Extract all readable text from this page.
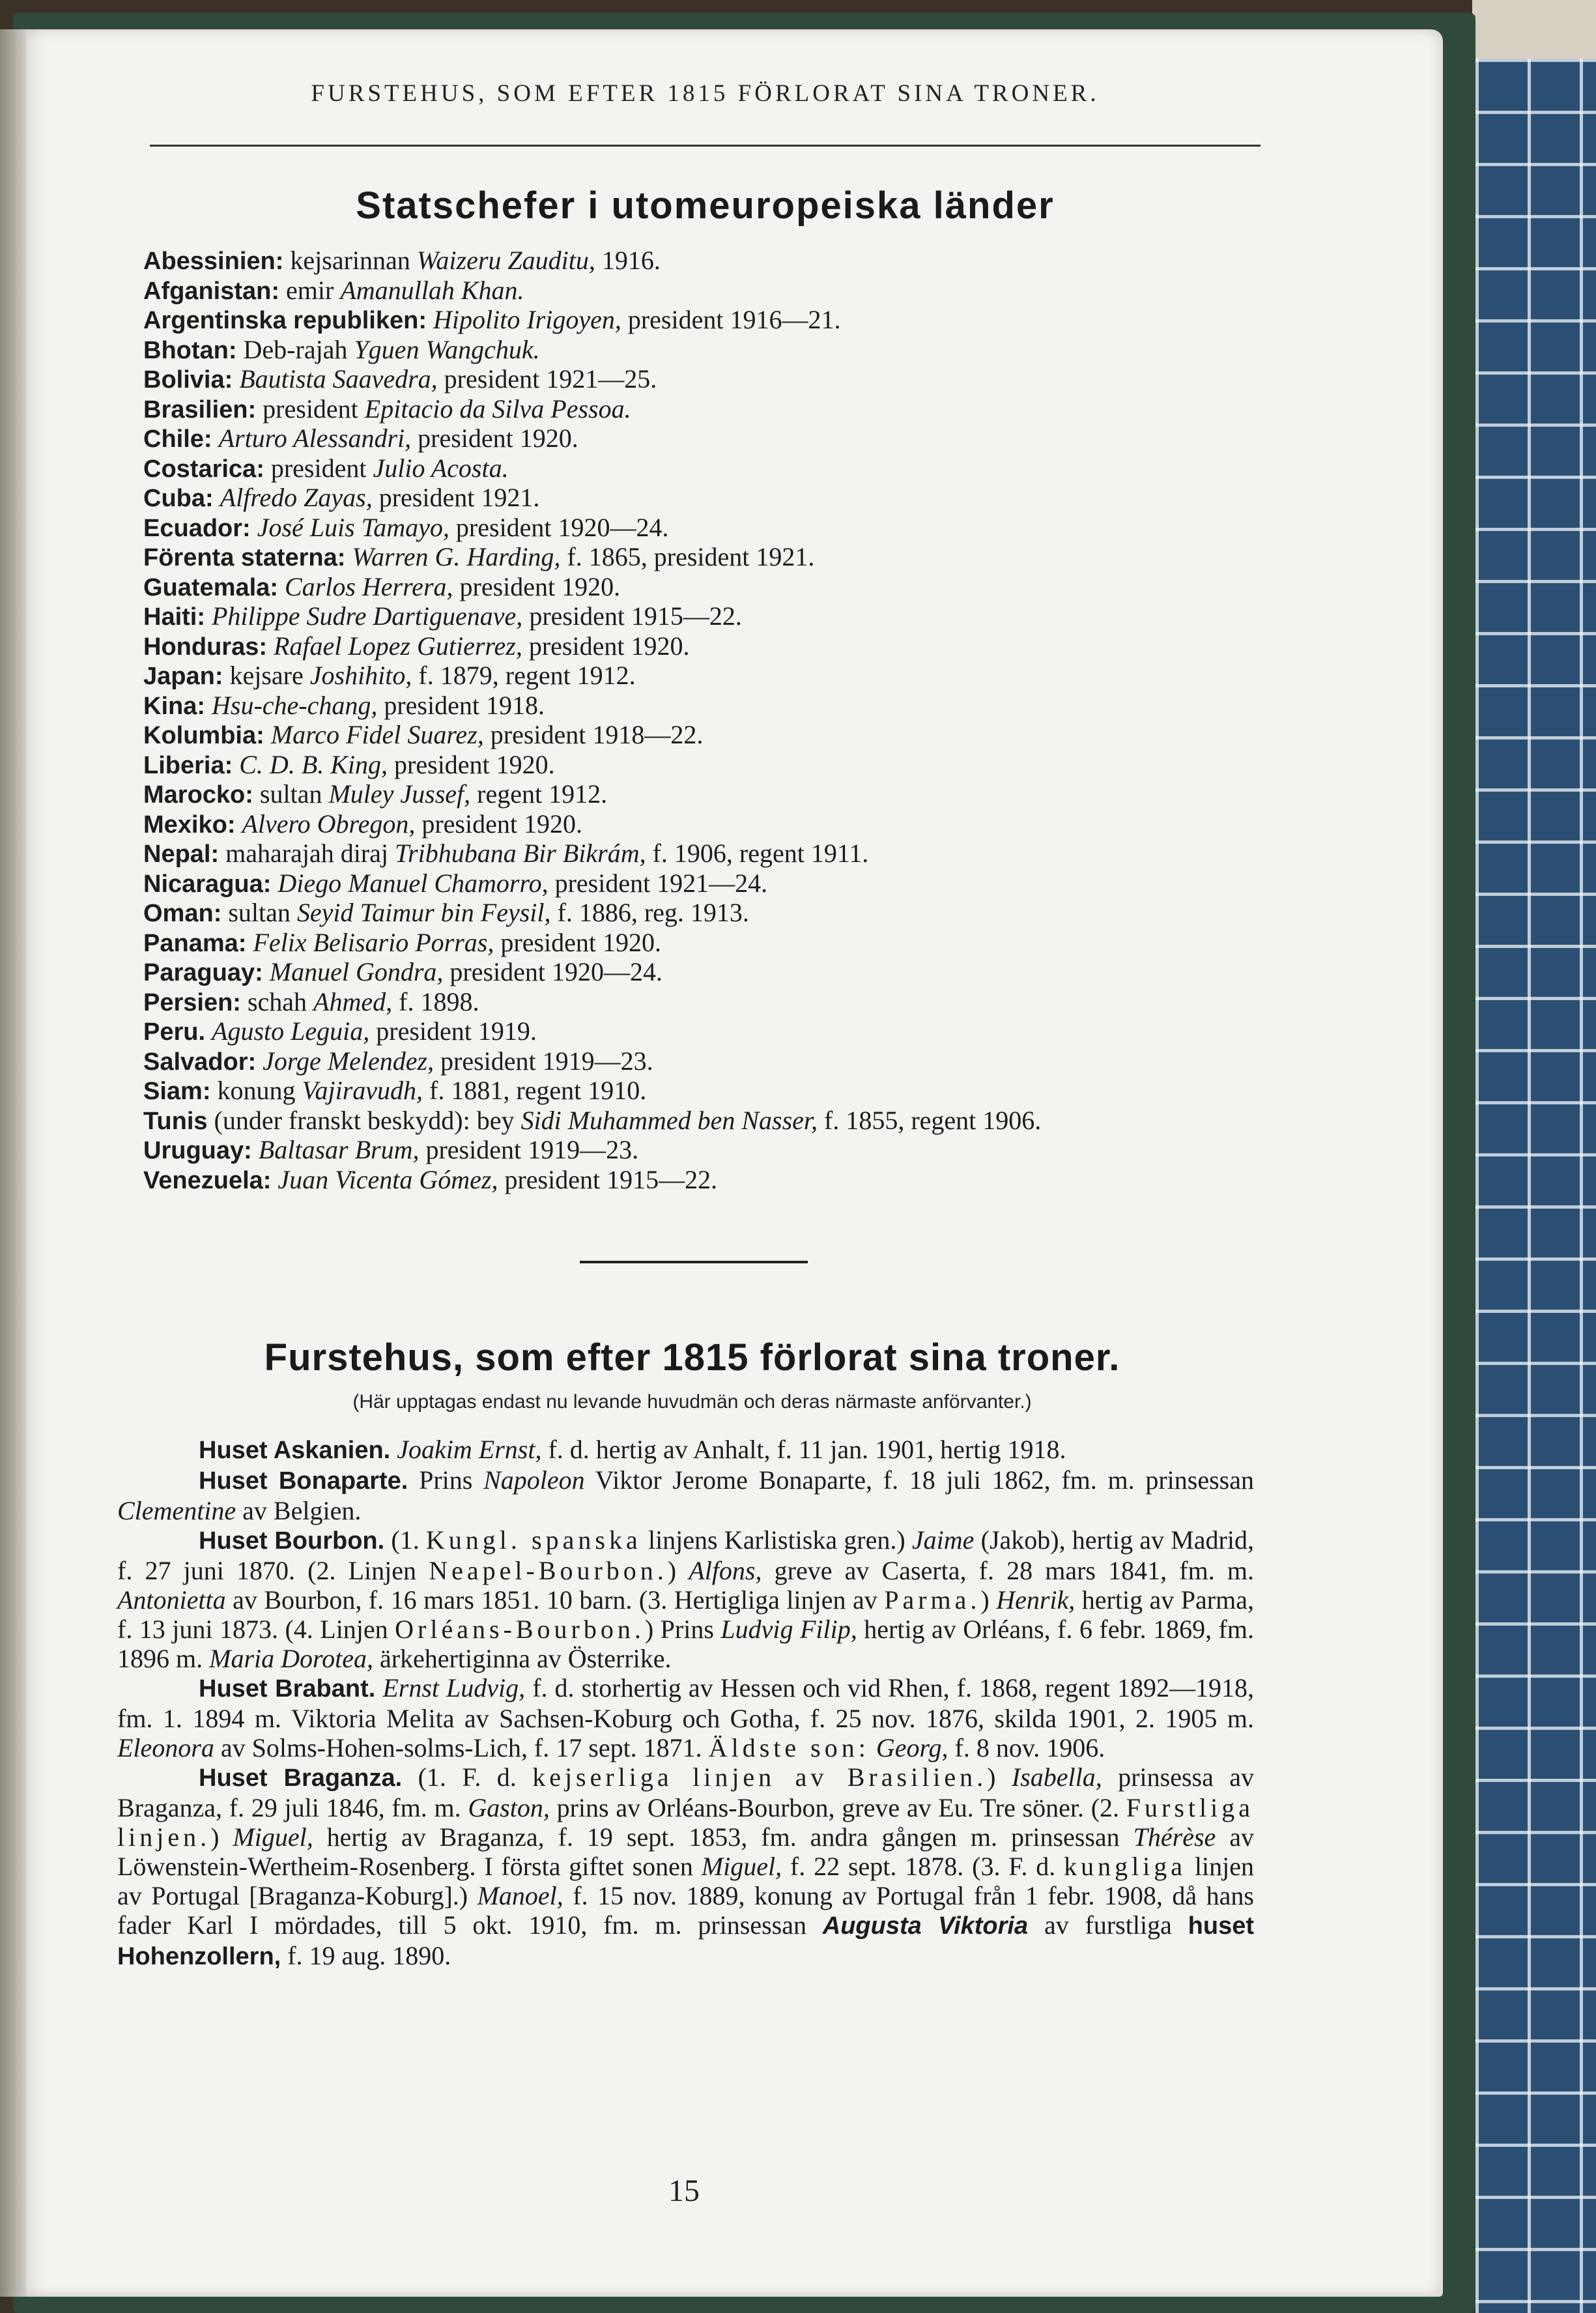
FURSTEHUS, SOM EFTER 1815 FÖRLORAT SINA TRONER.
Statschefer i utomeuropeiska länder
Abessinien: kejsarinnan Waizeru Zauditu, 1916.
Afganistan: emir Amanullah Khan.
Argentinska republiken: Hipolito Irigoyen, president 1916—21.
Bhotan: Deb-rajah Yguen Wangchuk.
Bolivia: Bautista Saavedra, president 1921—25.
Brasilien: president Epitacio da Silva Pessoa.
Chile: Arturo Alessandri, president 1920.
Costarica: president Julio Acosta.
Cuba: Alfredo Zayas, president 1921.
Ecuador: José Luis Tamayo, president 1920—24.
Förenta staterna: Warren G. Harding, f. 1865, president 1921.
Guatemala: Carlos Herrera, president 1920.
Haiti: Philippe Sudre Dartiguenave, president 1915—22.
Honduras: Rafael Lopez Gutierrez, president 1920.
Japan: kejsare Joshihito, f. 1879, regent 1912.
Kina: Hsu-che-chang, president 1918.
Kolumbia: Marco Fidel Suarez, president 1918—22.
Liberia: C. D. B. King, president 1920.
Marocko: sultan Muley Jussef, regent 1912.
Mexiko: Alvero Obregon, president 1920.
Nepal: maharajah diraj Tribhubana Bir Bikrám, f. 1906, regent 1911.
Nicaragua: Diego Manuel Chamorro, president 1921—24.
Oman: sultan Seyid Taimur bin Feysil, f. 1886, reg. 1913.
Panama: Felix Belisario Porras, president 1920.
Paraguay: Manuel Gondra, president 1920—24.
Persien: schah Ahmed, f. 1898.
Peru. Agusto Leguia, president 1919.
Salvador: Jorge Melendez, president 1919—23.
Siam: konung Vajiravudh, f. 1881, regent 1910.
Tunis (under franskt beskydd): bey Sidi Muhammed ben Nasser, f. 1855, regent 1906.
Uruguay: Baltasar Brum, president 1919—23.
Venezuela: Juan Vicenta Gómez, president 1915—22.
Furstehus, som efter 1815 förlorat sina troner.
(Här upptagas endast nu levande huvudmän och deras närmaste anförvanter.)

Huset Askanien. Joakim Ernst, f. d. hertig av Anhalt, f. 11 jan. 1901, hertig 1918.

Huset Bonaparte. Prins Napoleon Viktor Jerome Bonaparte, f. 18 juli 1862, fm. m. prinsessan Clementine av Belgien.

Huset Bourbon. (1. Kungl. spanska linjens Karlistiska gren.) Jaime (Jakob), hertig av Madrid, f. 27 juni 1870. (2. Linjen Neapel-Bourbon.) Alfons, greve av Caserta, f. 28 mars 1841, fm. m. Antonietta av Bourbon, f. 16 mars 1851. 10 barn. (3. Hertigliga linjen av Parma.) Henrik, hertig av Parma, f. 13 juni 1873. (4. Linjen Orléans-Bourbon.) Prins Ludvig Filip, hertig av Orléans, f. 6 febr. 1869, fm. 1896 m. Maria Dorotea, ärkehertiginna av Österrike.

Huset Brabant. Ernst Ludvig, f. d. storhertig av Hessen och vid Rhen, f. 1868, regent 1892—1918, fm. 1. 1894 m. Viktoria Melita av Sachsen-Koburg och Gotha, f. 25 nov. 1876, skilda 1901, 2. 1905 m. Eleonora av Solms-Hohen-solms-Lich, f. 17 sept. 1871. Äldste son: Georg, f. 8 nov. 1906.

Huset Braganza. (1. F. d. kejserliga linjen av Brasilien.) Isabella, prinsessa av Braganza, f. 29 juli 1846, fm. m. Gaston, prins av Orléans-Bourbon, greve av Eu. Tre söner. (2. Furstliga linjen.) Miguel, hertig av Braganza, f. 19 sept. 1853, fm. andra gången m. prinsessan Thérèse av Löwenstein-Wertheim-Rosenberg. I första giftet sonen Miguel, f. 22 sept. 1878. (3. F. d. kungliga linjen av Portugal [Braganza-Koburg].) Manoel, f. 15 nov. 1889, konung av Portugal från 1 febr. 1908, då hans fader Karl I mördades, till 5 okt. 1910, fm. m. prinsessan Augusta Viktoria av furstliga huset Hohenzollern, f. 19 aug. 1890.

15
